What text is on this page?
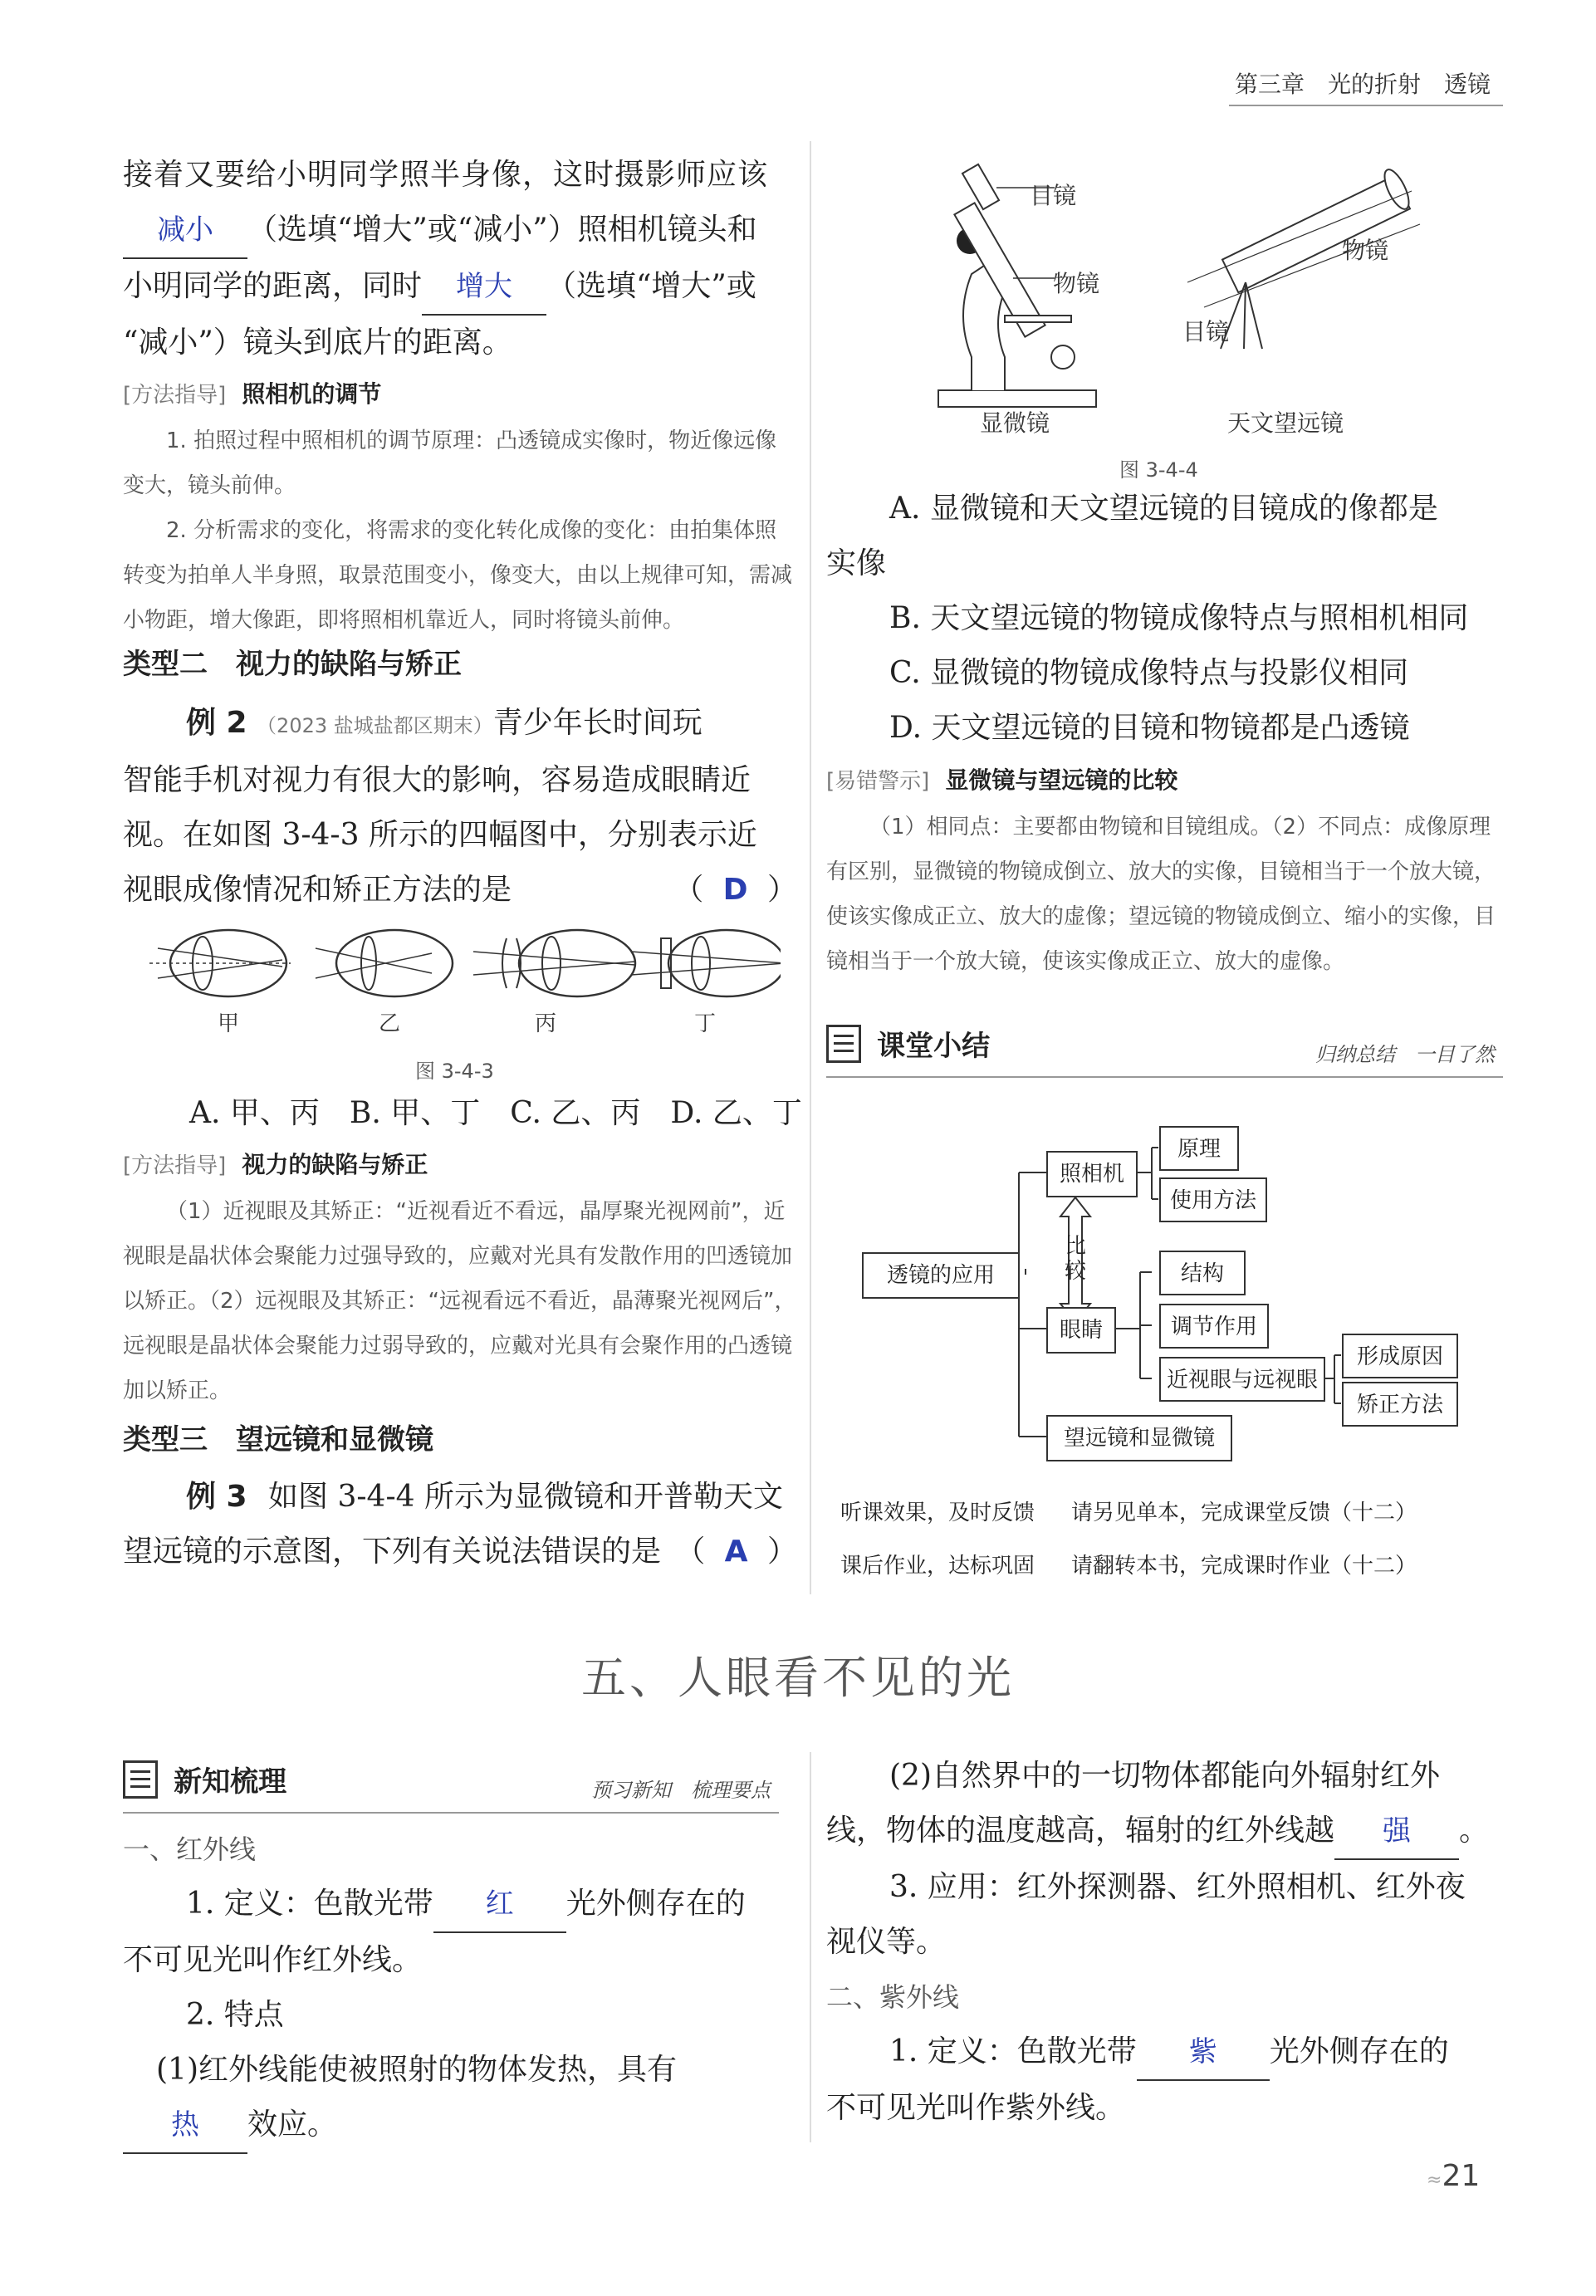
第三章　光的折射　透镜

接着又要给小明同学照半身像，这时摄影师应该

减小 （选填“增大”或“减小”）照相机镜头和

小明同学的距离，同时 增大 （选填“增大”或

“减小”）镜头到底片的距离。

[方法指导] 照相机的调节
1. 拍照过程中照相机的调节原理：凸透镜成实像时，物近像远像变大，镜头前伸。
2. 分析需求的变化，将需求的变化转化成像的变化：由拍集体照转变为拍单人半身照，取景范围变小，像变大，由以上规律可知，需减小物距，增大像距，即将照相机靠近人，同时将镜头前伸。
类型二　视力的缺陷与矫正

例 2 （2023 盐城盐都区期末）青少年长时间玩

智能手机对视力有很大的影响，容易造成眼睛近

视。在如图 3-4-3 所示的四幅图中，分别表示近

视眼成像情况和矫正方法的是	（ D ）

甲	乙	丙	丁
图 3-4-3
A. 甲、丙　B. 甲、丁　C. 乙、丙　D. 乙、丁
[方法指导] 视力的缺陷与矫正
（1）近视眼及其矫正：“近视看近不看远，晶厚聚光视网前”，近视眼是晶状体会聚能力过强导致的，应戴对光具有发散作用的凹透镜加以矫正。（2）远视眼及其矫正：“远视看远不看近，晶薄聚光视网后”，远视眼是晶状体会聚能力过弱导致的，应戴对光具有会聚作用的凸透镜加以矫正。
类型三　望远镜和显微镜

例 3 如图 3-4-4 所示为显微镜和开普勒天文

望远镜的示意图，下列有关说法错误的是 （ A ）

目镜
物镜
显微镜
物镜
目镜
天文望远镜
图 3-4-4

A. 显微镜和天文望远镜的目镜成的像都是

实像

B. 天文望远镜的物镜成像特点与照相机相同

C. 显微镜的物镜成像特点与投影仪相同

D. 天文望远镜的目镜和物镜都是凸透镜

[易错警示] 显微镜与望远镜的比较
（1）相同点：主要都由物镜和目镜组成。（2）不同点：成像原理有区别，显微镜的物镜成倒立、放大的实像，目镜相当于一个放大镜，使该实像成正立、放大的虚像；望远镜的物镜成倒立、缩小的实像，目镜相当于一个放大镜，使该实像成正立、放大的虚像。
课堂小结	归纳总结　一目了然
透镜的应用
照相机
原理
使用方法
比较
眼睛
结构
调节作用
近视眼与远视眼
形成原因
矫正方法
望远镜和显微镜
听课效果，及时反馈 请另见单本，完成课堂反馈（十二）
课后作业，达标巩固 请翻转本书，完成课时作业（十二）
五、人眼看不见的光
新知梳理	预习新知　梳理要点

一、红外线

1. 定义：色散光带 红 光外侧存在的

不可见光叫作红外线。

2. 特点

(1)红外线能使被照射的物体发热，具有

热 效应。

(2)自然界中的一切物体都能向外辐射红外

线，物体的温度越高，辐射的红外线越 强 。

3. 应用：红外探测器、红外照相机、红外夜

视仪等。

二、紫外线

1. 定义：色散光带 紫 光外侧存在的

不可见光叫作紫外线。

≈21
